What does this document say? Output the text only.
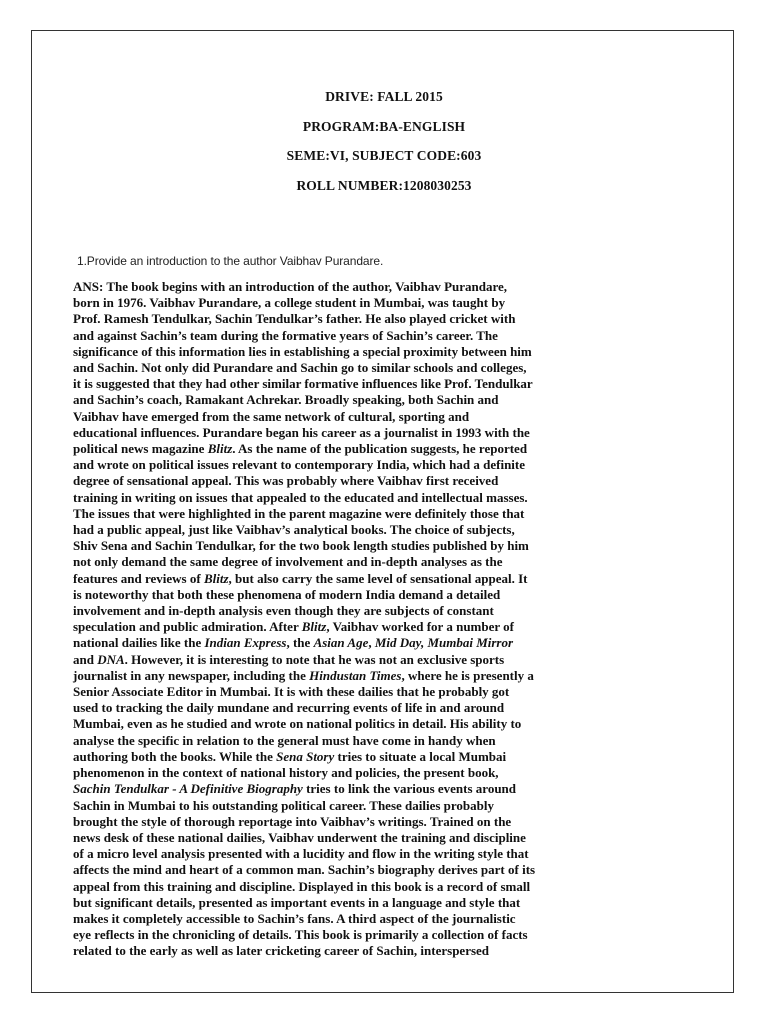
DRIVE: FALL 2015
PROGRAM:BA-ENGLISH
SEME:VI, SUBJECT CODE:603
ROLL NUMBER:1208030253
1.Provide an introduction to the author Vaibhav Purandare.
ANS: The book begins with an introduction of the author, Vaibhav Purandare,
born in 1976. Vaibhav Purandare, a college student in Mumbai, was taught by
Prof. Ramesh Tendulkar, Sachin Tendulkar’s father. He also played cricket with
and against Sachin’s team during the formative years of Sachin’s career. The
significance of this information lies in establishing a special proximity between him
and Sachin. Not only did Purandare and Sachin go to similar schools and colleges,
it is suggested that they had other similar formative influences like Prof. Tendulkar
and Sachin’s coach, Ramakant Achrekar. Broadly speaking, both Sachin and
Vaibhav have emerged from the same network of cultural, sporting and
educational influences. Purandare began his career as a journalist in 1993 with the
political news magazine Blitz. As the name of the publication suggests, he reported
and wrote on political issues relevant to contemporary India, which had a definite
degree of sensational appeal. This was probably where Vaibhav first received
training in writing on issues that appealed to the educated and intellectual masses.
The issues that were highlighted in the parent magazine were definitely those that
had a public appeal, just like Vaibhav’s analytical books. The choice of subjects,
Shiv Sena and Sachin Tendulkar, for the two book length studies published by him
not only demand the same degree of involvement and in-depth analyses as the
features and reviews of Blitz, but also carry the same level of sensational appeal. It
is noteworthy that both these phenomena of modern India demand a detailed
involvement and in-depth analysis even though they are subjects of constant
speculation and public admiration. After Blitz, Vaibhav worked for a number of
national dailies like the Indian Express, the Asian Age, Mid Day, Mumbai Mirror
and DNA. However, it is interesting to note that he was not an exclusive sports
journalist in any newspaper, including the Hindustan Times, where he is presently a
Senior Associate Editor in Mumbai. It is with these dailies that he probably got
used to tracking the daily mundane and recurring events of life in and around
Mumbai, even as he studied and wrote on national politics in detail. His ability to
analyse the specific in relation to the general must have come in handy when
authoring both the books. While the Sena Story tries to situate a local Mumbai
phenomenon in the context of national history and policies, the present book,
Sachin Tendulkar - A Definitive Biography tries to link the various events around
Sachin in Mumbai to his outstanding political career. These dailies probably
brought the style of thorough reportage into Vaibhav’s writings. Trained on the
news desk of these national dailies, Vaibhav underwent the training and discipline
of a micro level analysis presented with a lucidity and flow in the writing style that
affects the mind and heart of a common man. Sachin’s biography derives part of its
appeal from this training and discipline. Displayed in this book is a record of small
but significant details, presented as important events in a language and style that
makes it completely accessible to Sachin’s fans. A third aspect of the journalistic
eye reflects in the chronicling of details. This book is primarily a collection of facts
related to the early as well as later cricketing career of Sachin, interspersed
